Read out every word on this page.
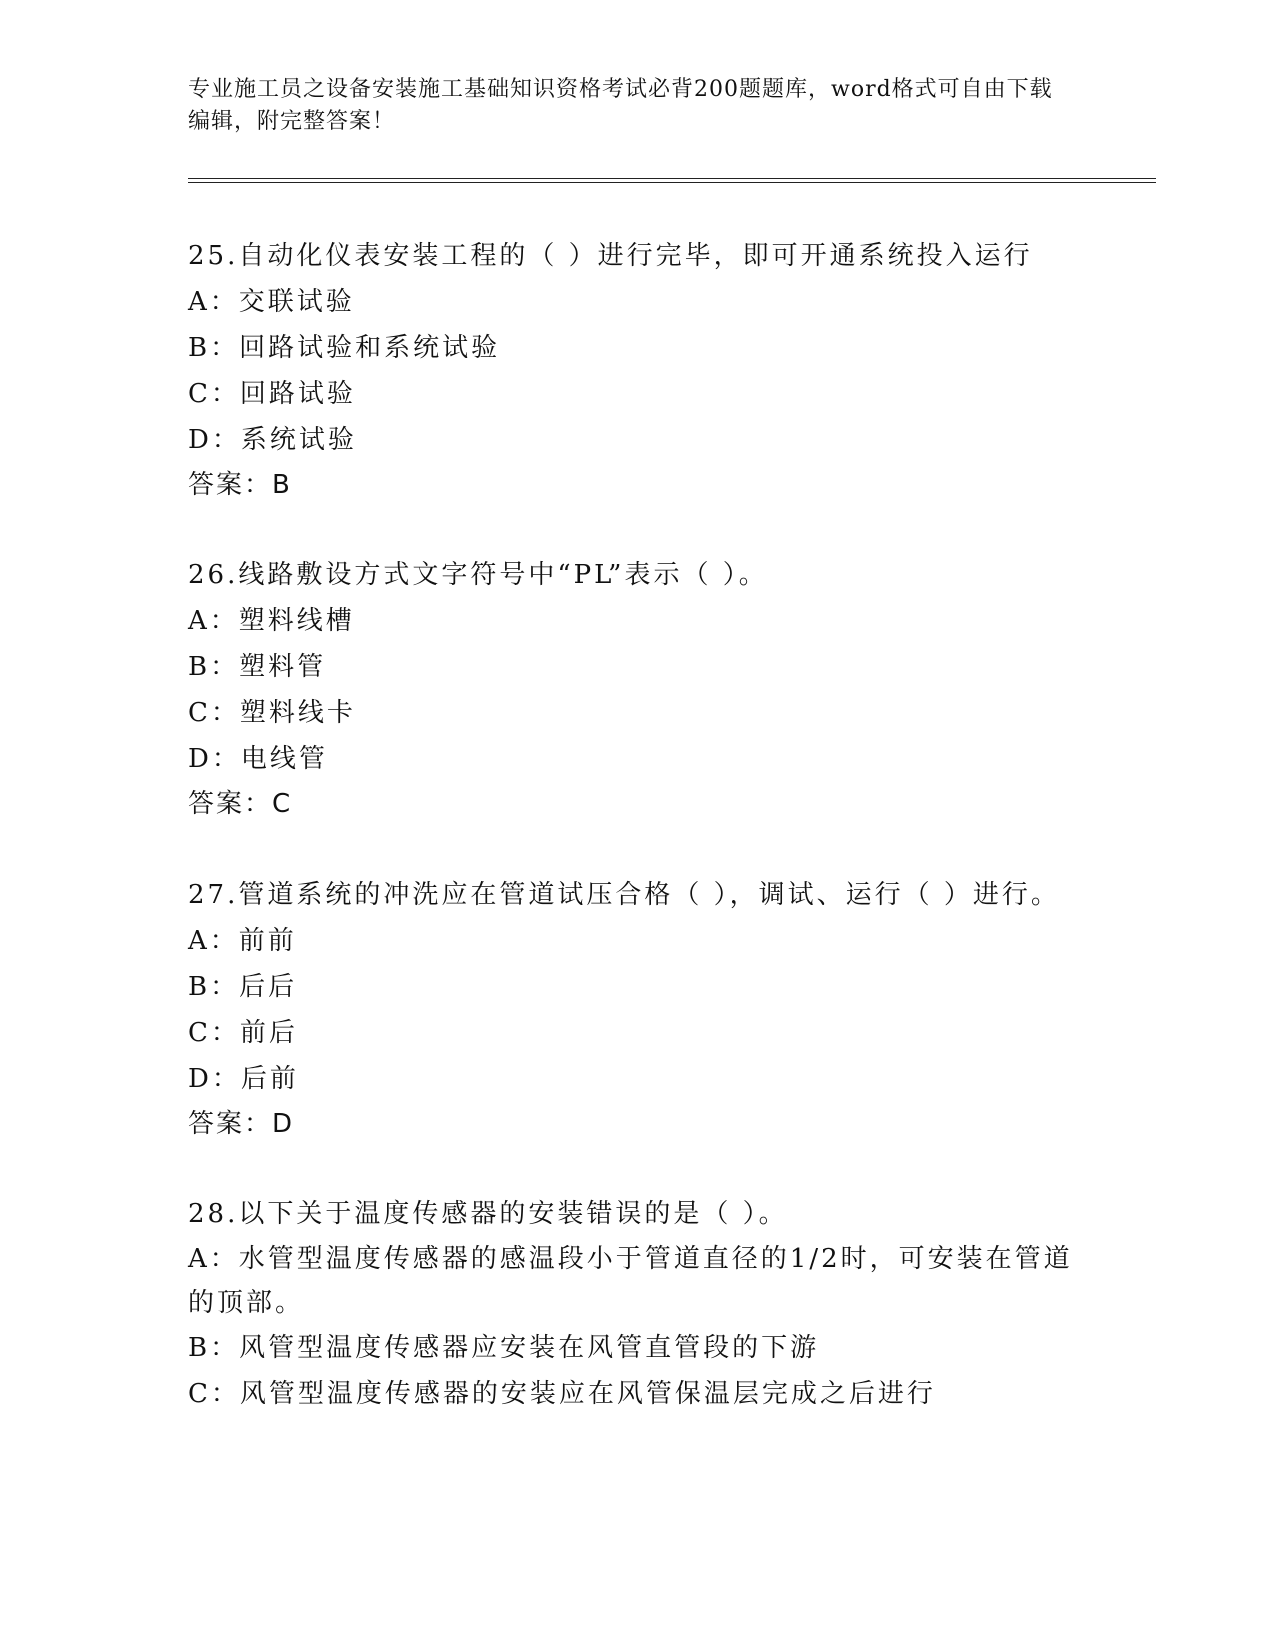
专业施工员之设备安装施工基础知识资格考试必背200题题库，word格式可自由下载编辑，附完整答案！
25.自动化仪表安装工程的（ ）进行完毕，即可开通系统投入运行
A：交联试验
B：回路试验和系统试验
C：回路试验
D：系统试验
答案：B
26.线路敷设方式文字符号中“PL”表示（ ）。
A：塑料线槽
B：塑料管
C：塑料线卡
D：电线管
答案：C
27.管道系统的冲洗应在管道试压合格（ ），调试、运行（ ）进行。
A：前前
B：后后
C：前后
D：后前
答案：D
28.以下关于温度传感器的安装错误的是（ ）。
A：水管型温度传感器的感温段小于管道直径的1/2时，可安装在管道的顶部。
B：风管型温度传感器应安装在风管直管段的下游
C：风管型温度传感器的安装应在风管保温层完成之后进行
